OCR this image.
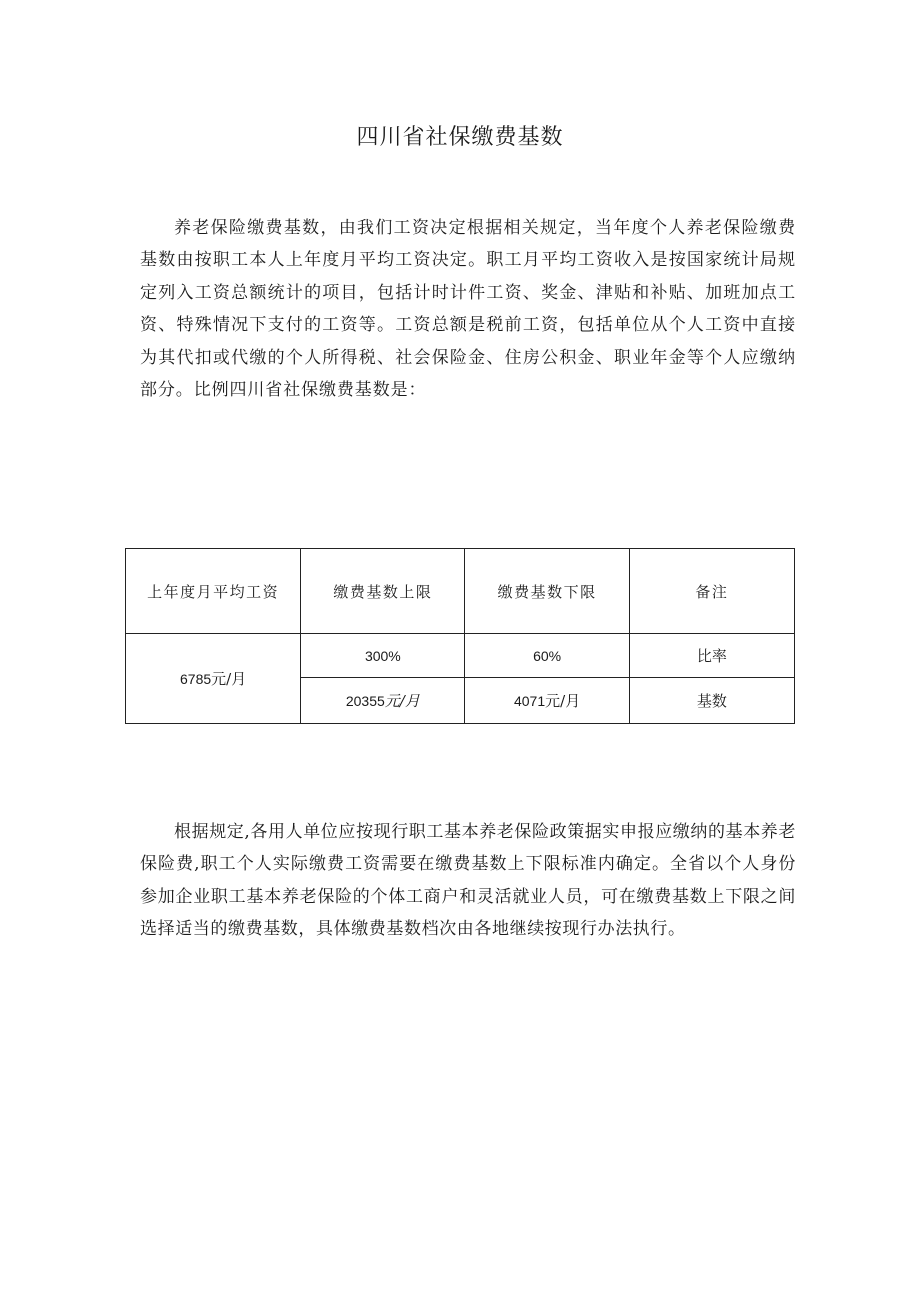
四川省社保缴费基数

养老保险缴费基数，由我们工资决定根据相关规定，当年度个人养老保险缴费基数由按职工本人上年度月平均工资决定。职工月平均工资收入是按国家统计局规定列入工资总额统计的项目，包括计时计件工资、奖金、津贴和补贴、加班加点工资、特殊情况下支付的工资等。工资总额是税前工资，包括单位从个人工资中直接为其代扣或代缴的个人所得税、社会保险金、住房公积金、职业年金等个人应缴纳部分。比例四川省社保缴费基数是：

上年度月平均工资	缴费基数上限	缴费基数下限	备注
6785元/月	300%	60%	比率
	20355元/月	4071元/月	基数

根据规定,各用人单位应按现行职工基本养老保险政策据实申报应缴纳的基本养老保险费,职工个人实际缴费工资需要在缴费基数上下限标准内确定。全省以个人身份参加企业职工基本养老保险的个体工商户和灵活就业人员，可在缴费基数上下限之间选择适当的缴费基数，具体缴费基数档次由各地继续按现行办法执行。
